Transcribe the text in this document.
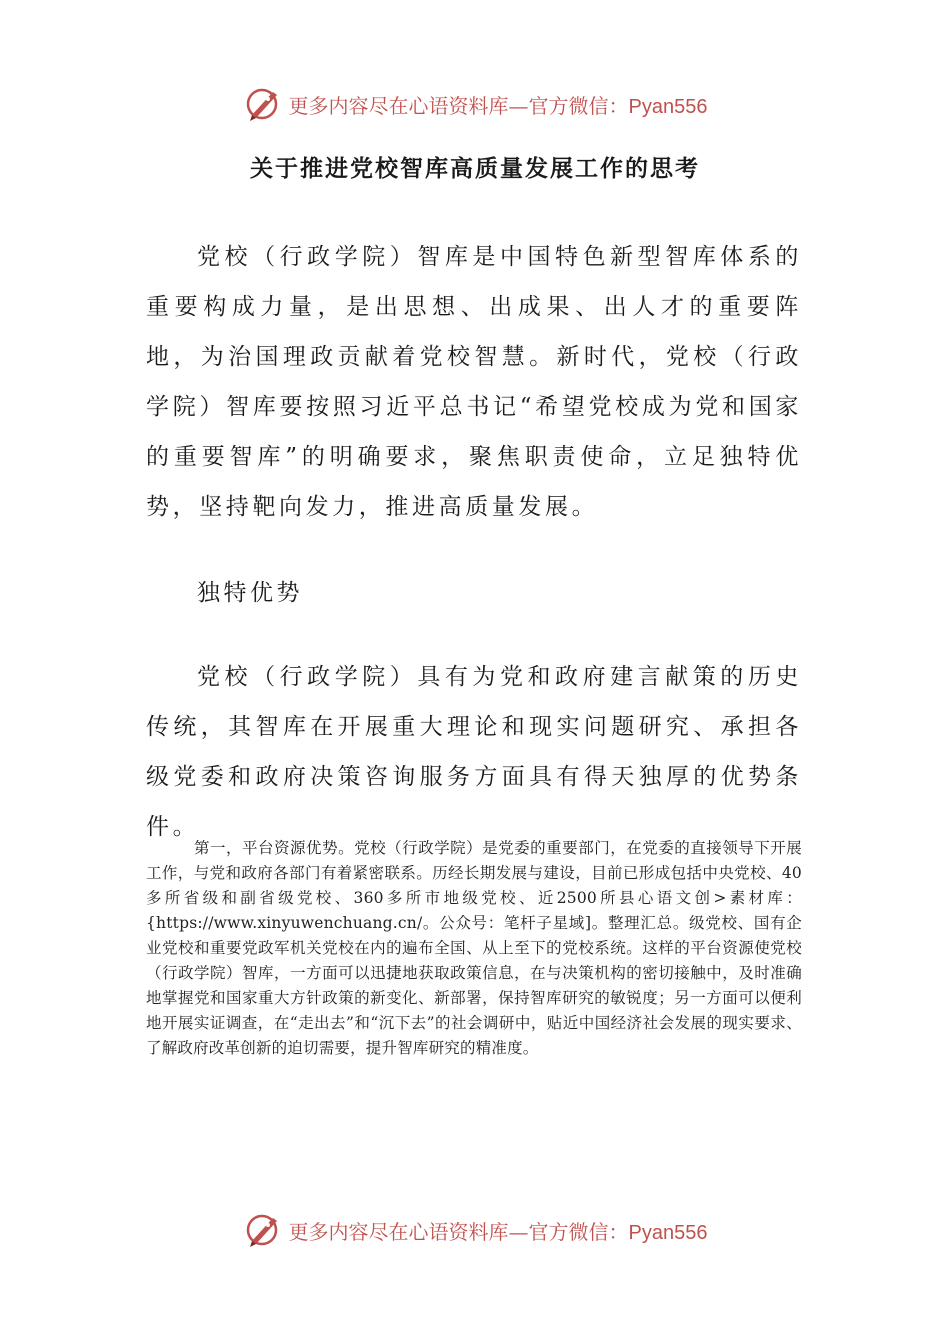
更多内容尽在心语资料库—官方微信：Pyan556
关于推进党校智库高质量发展工作的思考

党校（行政学院）智库是中国特色新型智库体系的重要构成力量，是出思想、出成果、出人才的重要阵地，为治国理政贡献着党校智慧。新时代，党校（行政学院）智库要按照习近平总书记“希望党校成为党和国家的重要智库”的明确要求，聚焦职责使命，立足独特优势，坚持靶向发力，推进高质量发展。

独特优势

党校（行政学院）具有为党和政府建言献策的历史传统，其智库在开展重大理论和现实问题研究、承担各级党委和政府决策咨询服务方面具有得天独厚的优势条件。

第一，平台资源优势。党校（行政学院）是党委的重要部门，在党委的直接领导下开展工作，与党和政府各部门有着紧密联系。历经长期发展与建设，目前已形成包括中央党校、40多所省级和副省级党校、360多所市地级党校、近2500所县心语文创>素材库：{https://www.xinyuwenchuang.cn/。公众号：笔杆子星域]。整理汇总。级党校、国有企业党校和重要党政军机关党校在内的遍布全国、从上至下的党校系统。这样的平台资源使党校（行政学院）智库，一方面可以迅捷地获取政策信息，在与决策机构的密切接触中，及时准确地掌握党和国家重大方针政策的新变化、新部署，保持智库研究的敏锐度；另一方面可以便利地开展实证调查，在“走出去”和“沉下去”的社会调研中，贴近中国经济社会发展的现实要求、了解政府改革创新的迫切需要，提升智库研究的精准度。

更多内容尽在心语资料库—官方微信：Pyan556
